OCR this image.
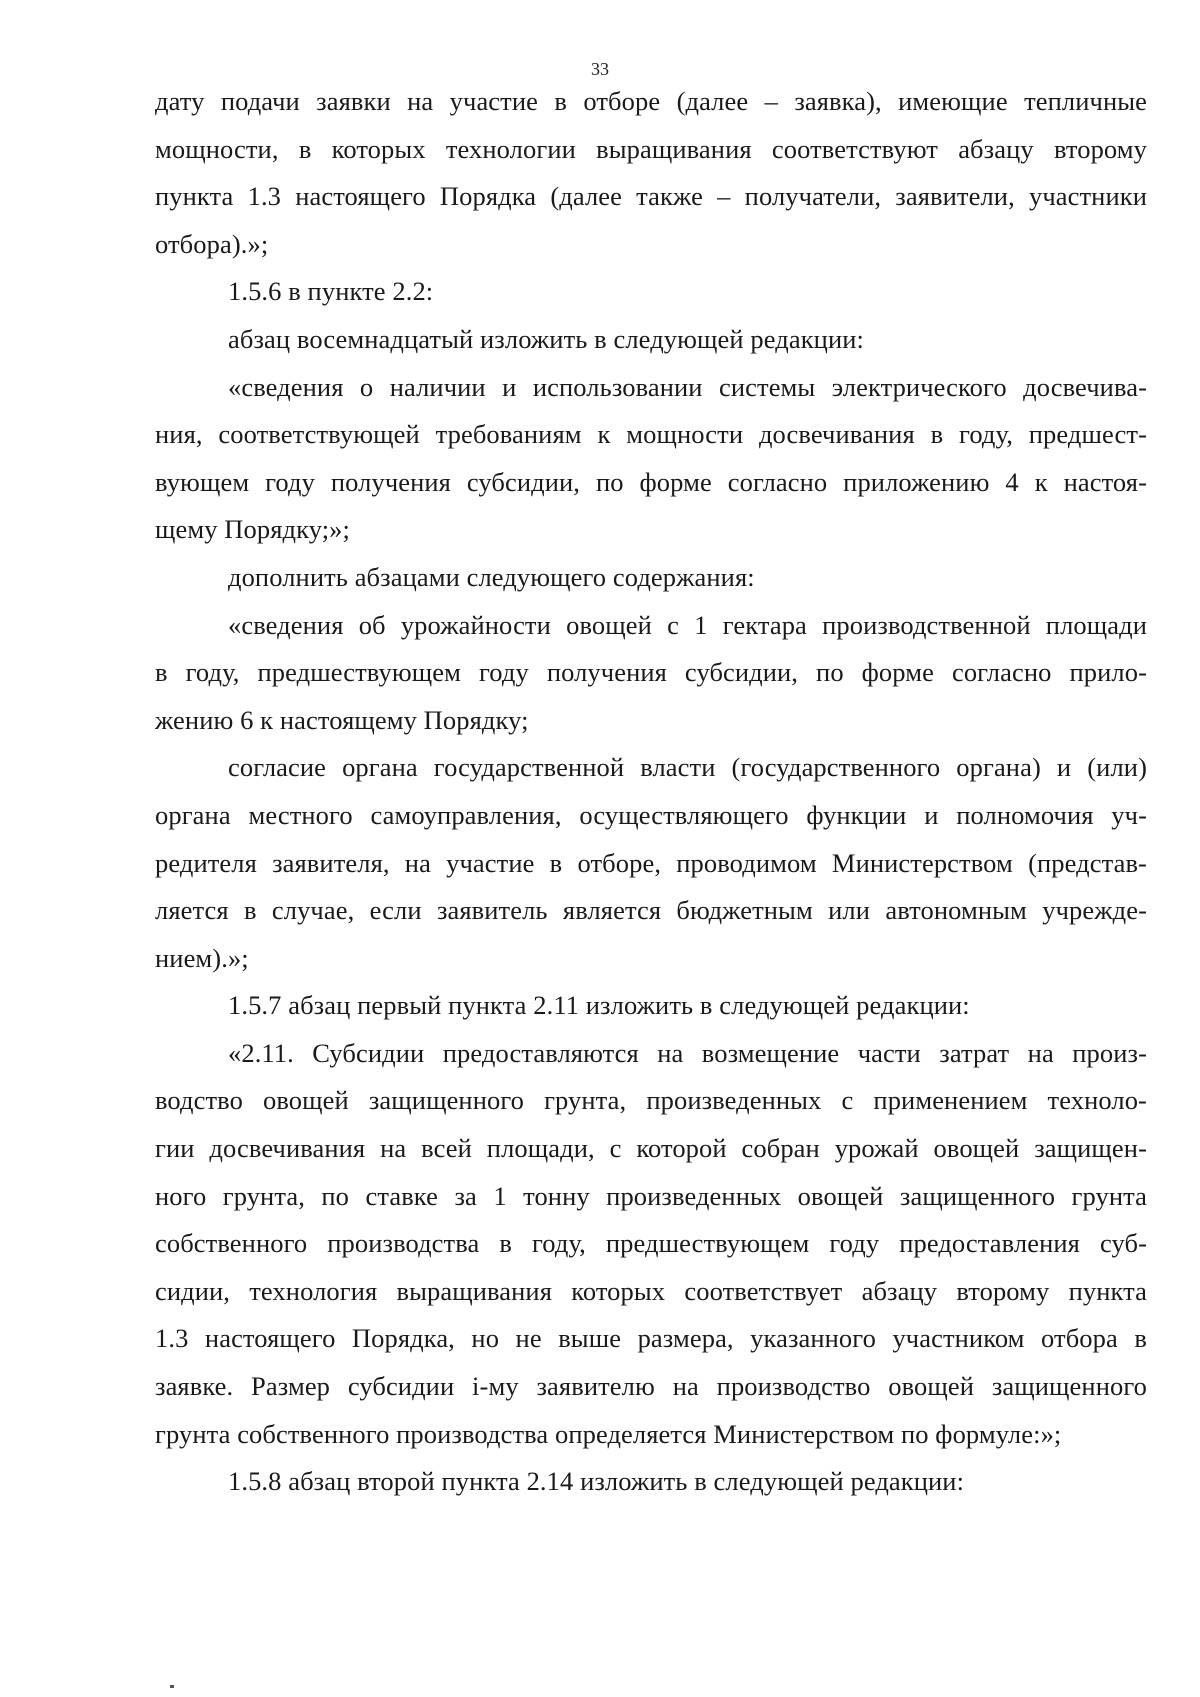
33
дату подачи заявки на участие в отборе (далее – заявка), имеющие тепличные
мощности, в которых технологии выращивания соответствуют абзацу второму
пункта 1.3 настоящего Порядка (далее также – получатели, заявители, участники
отбора).»;
1.5.6 в пункте 2.2:
абзац восемнадцатый изложить в следующей редакции:
«сведения о наличии и использовании системы электрического досвечива-
ния, соответствующей требованиям к мощности досвечивания в году, предшест-
вующем году получения субсидии, по форме согласно приложению 4 к настоя-
щему Порядку;»;
дополнить абзацами следующего содержания:
«сведения об урожайности овощей с 1 гектара производственной площади
в году, предшествующем году получения субсидии, по форме согласно прило-
жению 6 к настоящему Порядку;
согласие органа государственной власти (государственного органа) и (или)
органа местного самоуправления, осуществляющего функции и полномочия уч-
редителя заявителя, на участие в отборе, проводимом Министерством (представ-
ляется в случае, если заявитель является бюджетным или автономным учрежде-
нием).»;
1.5.7 абзац первый пункта 2.11 изложить в следующей редакции:
«2.11. Субсидии предоставляются на возмещение части затрат на произ-
водство овощей защищенного грунта, произведенных с применением техноло-
гии досвечивания на всей площади, с которой собран урожай овощей защищен-
ного грунта, по ставке за 1 тонну произведенных овощей защищенного грунта
собственного производства в году, предшествующем году предоставления суб-
сидии, технология выращивания которых соответствует абзацу второму пункта
1.3 настоящего Порядка, но не выше размера, указанного участником отбора в
заявке. Размер субсидии i-му заявителю на производство овощей защищенного
грунта собственного производства определяется Министерством по формуле:»;
1.5.8 абзац второй пункта 2.14 изложить в следующей редакции:
